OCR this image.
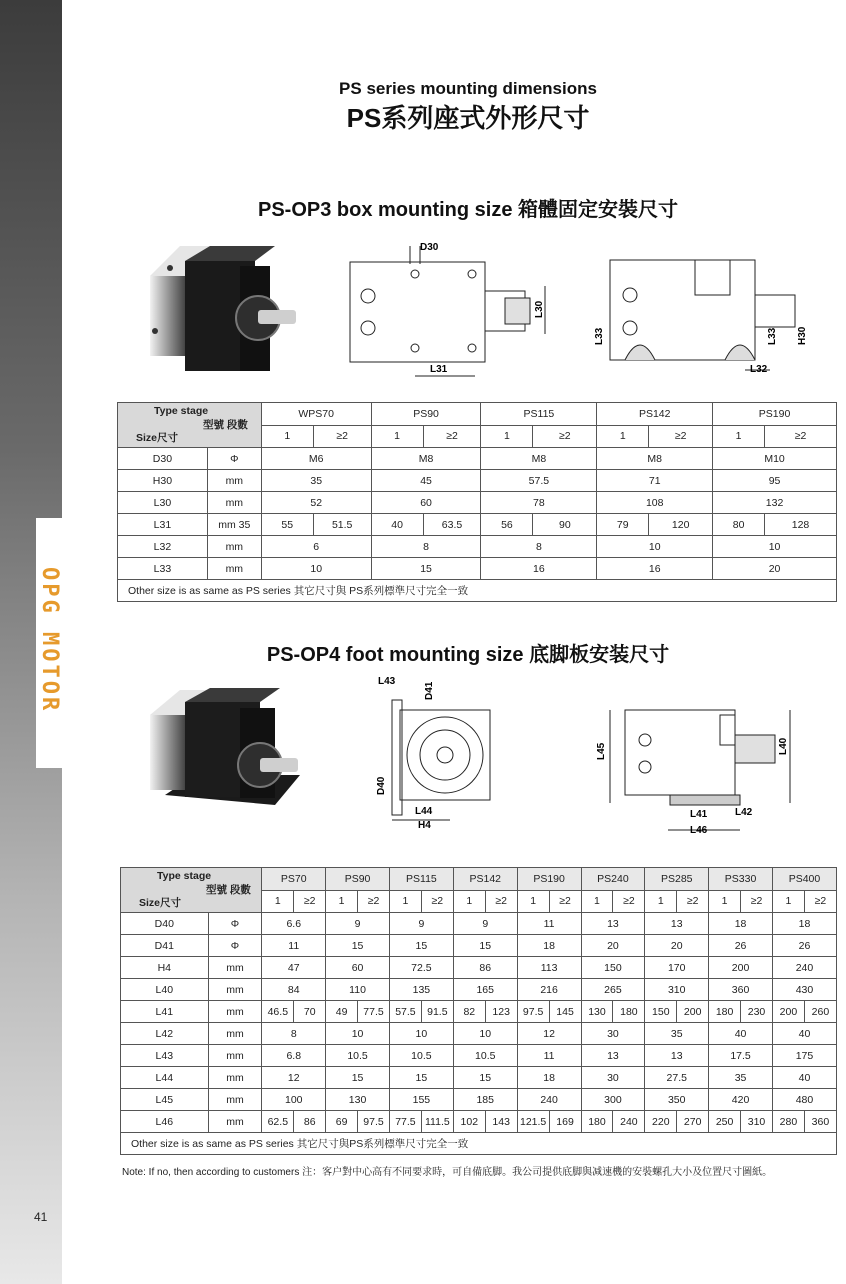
OPG MOTOR
41
PS series mounting dimensions
PS系列座式外形尺寸
PS-OP3 box mounting size 箱體固定安裝尺寸
D30
L30
L31
L33	L33 H30
L32
Type stage
型號 段數
Size尺寸		WPS70		PS90		PS115		PS142		PS190	
		1	≥2	1	≥2	1	≥2	1	≥2	1	≥2
D30	Φ	M6		M8		M8		M8		M10	
H30	mm	35		45		57.5		71		95	
L30	mm	52		60		78		108		132	
L31	mm 35	55	51.5	40	63.5	56	90	79	120	80	128
L32	mm	6		8		8		10		10	
L33	mm	10		15		16		16		20	
Other size is as same as PS series 其它尺寸與 PS系列標準尺寸完全一致											
PS-OP4 foot mounting size 底脚板安装尺寸
L43
D41
D40
L44
H4
L45	L40
L41	L42
L46
Type stage
型號 段數
Size尺寸		PS70		PS90		PS115		PS142		PS190		PS240		PS285		PS330		PS400	
		1	≥2	1	≥2	1	≥2	1	≥2	1	≥2	1	≥2	1	≥2	1	≥2	1	≥2
D40	Φ	6.6		9		9		9		11		13		13		18		18	
D41	Φ	11		15		15		15		18		20		20		26		26	
H4	mm	47		60		72.5		86		113		150		170		200		240	
L40	mm	84		110		135		165		216		265		310		360		430	
L41	mm	46.5	70	49	77.5	57.5	91.5	82	123	97.5	145	130	180	150	200	180	230	200	260
L42	mm	8		10		10		10		12		30		35		40		40	
L43	mm	6.8		10.5		10.5		10.5		11		13		13		17.5		175	
L44	mm	12		15		15		15		18		30		27.5		35		40	
L45	mm	100		130		155		185		240		300		350		420		480	
L46	mm	62.5	86	69	97.5	77.5	111.5	102	143	121.5	169	180	240	220	270	250	310	280	360
Other size is as same as PS series 其它尺寸與PS系列標準尺寸完全一致																			
Note: If no, then according to customers 注：客户對中心高有不同要求時，可自備底脚。我公司提供底脚與减速機的安裝螺孔大小及位置尺寸圖紙。
